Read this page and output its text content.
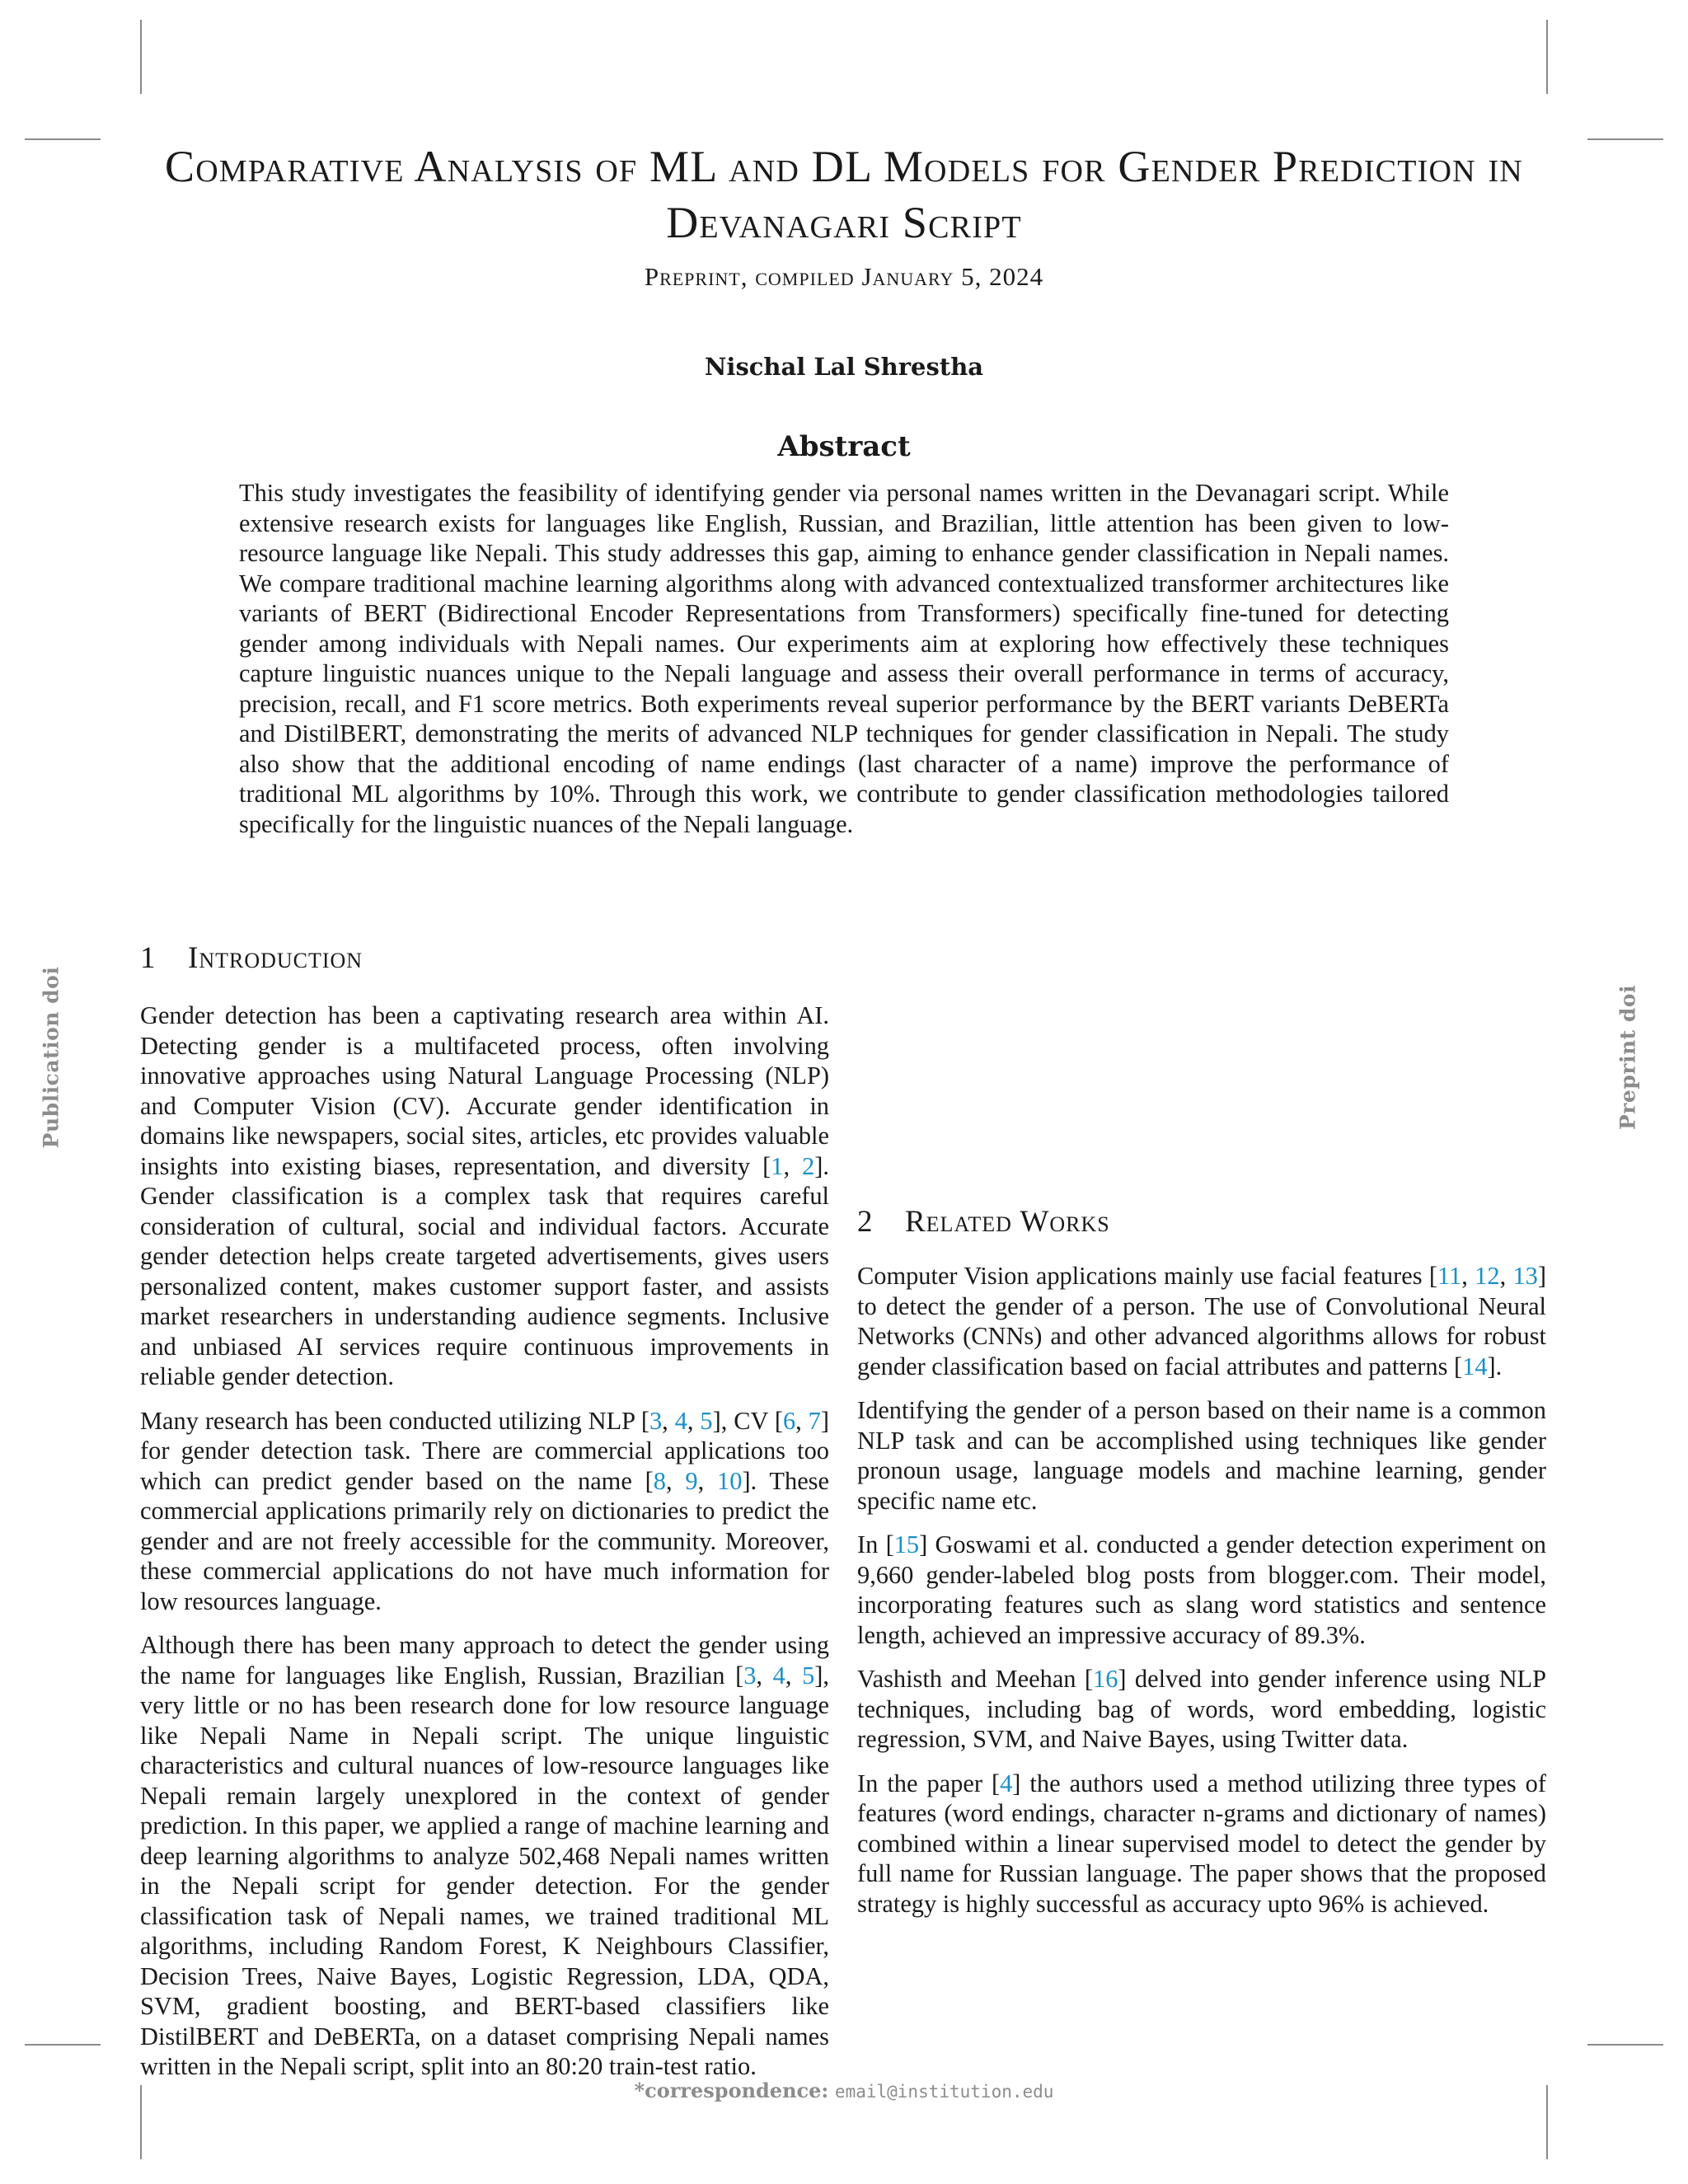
Publication doi	Preprint doi
Comparative Analysis of ML and DL Models for Gender Prediction in Devanagari Script
Preprint, compiled January 5, 2024
Nischal Lal Shrestha
Abstract

This study investigates the feasibility of identifying gender via personal names written in the Devanagari script. While extensive research exists for languages like English, Russian, and Brazilian, little attention has been given to low-resource language like Nepali. This study addresses this gap, aiming to enhance gender classification in Nepali names. We compare traditional machine learning algorithms along with advanced contextualized transformer architectures like variants of BERT (Bidirectional Encoder Representations from Transformers) specifically fine-tuned for detecting gender among individuals with Nepali names. Our experiments aim at exploring how effectively these techniques capture linguistic nuances unique to the Nepali language and assess their overall performance in terms of accuracy, precision, recall, and F1 score metrics. Both experiments reveal superior performance by the BERT variants DeBERTa and DistilBERT, demonstrating the merits of advanced NLP techniques for gender classification in Nepali. The study also show that the additional encoding of name endings (last character of a name) improve the performance of traditional ML algorithms by 10%. Through this work, we contribute to gender classification methodologies tailored specifically for the linguistic nuances of the Nepali language.

1 Introduction

Gender detection has been a captivating research area within AI. Detecting gender is a multifaceted process, often involving innovative approaches using Natural Language Processing (NLP) and Computer Vision (CV). Accurate gender identification in domains like newspapers, social sites, articles, etc provides valuable insights into existing biases, representation, and diversity [1, 2]. Gender classification is a complex task that requires careful consideration of cultural, social and individual factors. Accurate gender detection helps create targeted advertisements, gives users personalized content, makes customer support faster, and assists market researchers in understanding audience segments. Inclusive and unbiased AI services require continuous improvements in reliable gender detection.

Many research has been conducted utilizing NLP [3, 4, 5], CV [6, 7] for gender detection task. There are commercial applications too which can predict gender based on the name [8, 9, 10]. These commercial applications primarily rely on dictionaries to predict the gender and are not freely accessible for the community. Moreover, these commercial applications do not have much information for low resources language.

Although there has been many approach to detect the gender using the name for languages like English, Russian, Brazilian [3, 4, 5], very little or no has been research done for low resource language like Nepali Name in Nepali script. The unique linguistic characteristics and cultural nuances of low-resource languages like Nepali remain largely unexplored in the context of gender prediction. In this paper, we applied a range of machine learning and deep learning algorithms to analyze 502,468 Nepali names written in the Nepali script for gender detection. For the gender classification task of Nepali names, we trained traditional ML algorithms, including Random Forest, K Neighbours Classifier, Decision Trees, Naive Bayes, Logistic Regression, LDA, QDA, SVM, gradient boosting, and BERT-based classifiers like DistilBERT and DeBERTa, on a dataset comprising Nepali names written in the Nepali script, split into an 80:20 train-test ratio.

2 Related Works

Computer Vision applications mainly use facial features [11, 12, 13] to detect the gender of a person. The use of Convolutional Neural Networks (CNNs) and other advanced algorithms allows for robust gender classification based on facial attributes and patterns [14].

Identifying the gender of a person based on their name is a common NLP task and can be accomplished using techniques like gender pronoun usage, language models and machine learning, gender specific name etc.

In [15] Goswami et al. conducted a gender detection experiment on 9,660 gender-labeled blog posts from blogger.com. Their model, incorporating features such as slang word statistics and sentence length, achieved an impressive accuracy of 89.3%.

Vashisth and Meehan [16] delved into gender inference using NLP techniques, including bag of words, word embedding, logistic regression, SVM, and Naive Bayes, using Twitter data.

In the paper [4] the authors used a method utilizing three types of features (word endings, character n-grams and dictionary of names) combined within a linear supervised model to detect the gender by full name for Russian language. The paper shows that the proposed strategy is highly successful as accuracy upto 96% is achieved.

*correspondence: email@institution.edu
